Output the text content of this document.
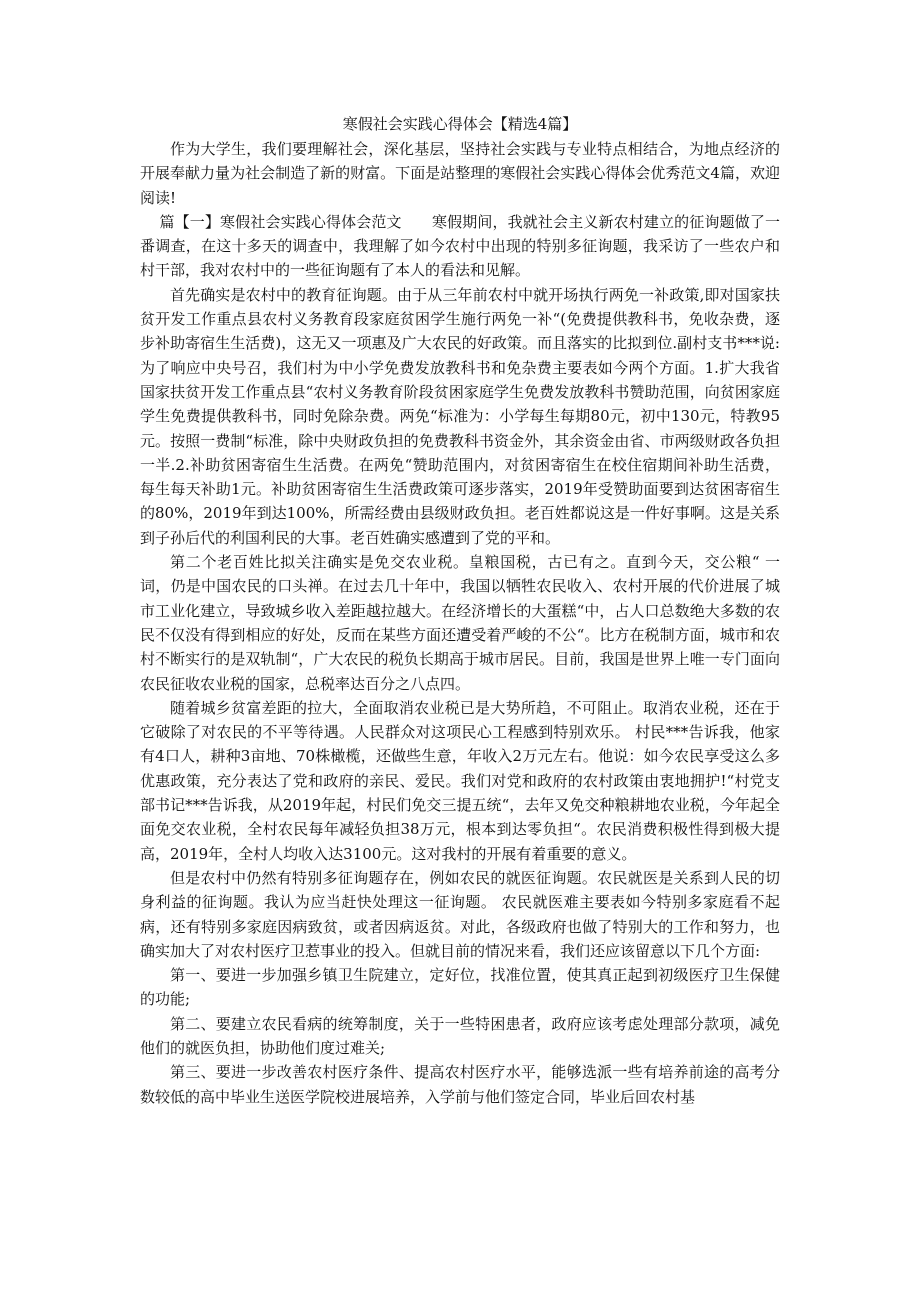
寒假社会实践心得体会【精选4篇】

作为大学生，我们要理解社会，深化基层，坚持社会实践与专业特点相结合，为地点经济的开展奉献力量为社会制造了新的财富。下面是站整理的寒假社会实践心得体会优秀范文4篇，欢迎阅读!

篇【一】寒假社会实践心得体会范文　　 寒假期间，我就社会主义新农村建立的征询题做了一番调查，在这十多天的调查中，我理解了如今农村中出现的特别多征询题，我采访了一些农户和村干部，我对农村中的一些征询题有了本人的看法和见解。

首先确实是农村中的教育征询题。由于从三年前农村中就开场执行两免一补政策,即对国家扶贫开发工作重点县农村义务教育段家庭贫困学生施行两免一补“(免费提供教科书，免收杂费，逐步补助寄宿生生活费)，这无又一项惠及广大农民的好政策。而且落实的比拟到位.副村支书***说: 为了响应中央号召，我们村为中小学免费发放教科书和免杂费主要表如今两个方面。1.扩大我省国家扶贫开发工作重点县“农村义务教育阶段贫困家庭学生免费发放教科书赞助范围，向贫困家庭学生免费提供教科书，同时免除杂费。两免“标准为：小学每生每期80元，初中130元，特教95元。按照一费制“标准，除中央财政负担的免费教科书资金外，其余资金由省、市两级财政各负担一半.2.补助贫困寄宿生生活费。在两免“赞助范围内，对贫困寄宿生在校住宿期间补助生活费，每生每天补助1元。补助贫困寄宿生生活费政策可逐步落实，2019年受赞助面要到达贫困寄宿生的80%，2019年到达100%，所需经费由县级财政负担。老百姓都说这是一件好事啊。这是关系到子孙后代的利国利民的大事。老百姓确实感遭到了党的平和。

第二个老百姓比拟关注确实是免交农业税。皇粮国税，古已有之。直到今天，交公粮“ 一词，仍是中国农民的口头禅。在过去几十年中，我国以牺牲农民收入、农村开展的代价进展了城市工业化建立，导致城乡收入差距越拉越大。在经济增长的大蛋糕“中，占人口总数绝大多数的农民不仅没有得到相应的好处，反而在某些方面还遭受着严峻的不公“。比方在税制方面，城市和农村不断实行的是双轨制“，广大农民的税负长期高于城市居民。目前，我国是世界上唯一专门面向农民征收农业税的国家，总税率达百分之八点四。

随着城乡贫富差距的拉大，全面取消农业税已是大势所趋，不可阻止。取消农业税，还在于它破除了对农民的不平等待遇。人民群众对这项民心工程感到特别欢乐。 村民***告诉我，他家有4口人，耕种3亩地、70株橄榄，还做些生意，年收入2万元左右。他说：如今农民享受这么多优惠政策，充分表达了党和政府的亲民、爱民。我们对党和政府的农村政策由衷地拥护!“村党支部书记***告诉我，从2019年起，村民们免交三提五统“，去年又免交种粮耕地农业税，今年起全面免交农业税，全村农民每年减轻负担38万元，根本到达零负担“。农民消费积极性得到极大提高，2019年，全村人均收入达3100元。这对我村的开展有着重要的意义。

但是农村中仍然有特别多征询题存在，例如农民的就医征询题。农民就医是关系到人民的切身利益的征询题。我认为应当赶快处理这一征询题。 农民就医难主要表如今特别多家庭看不起病，还有特别多家庭因病致贫，或者因病返贫。对此，各级政府也做了特别大的工作和努力，也确实加大了对农村医疗卫惹事业的投入。但就目前的情况来看，我们还应该留意以下几个方面:

第一、要进一步加强乡镇卫生院建立，定好位，找准位置，使其真正起到初级医疗卫生保健的功能;

第二、要建立农民看病的统筹制度，关于一些特困患者，政府应该考虑处理部分款项，减免他们的就医负担，协助他们度过难关;

第三、要进一步改善农村医疗条件、提高农村医疗水平，能够选派一些有培养前途的高考分数较低的高中毕业生送医学院校进展培养，入学前与他们签定合同，毕业后回农村基
